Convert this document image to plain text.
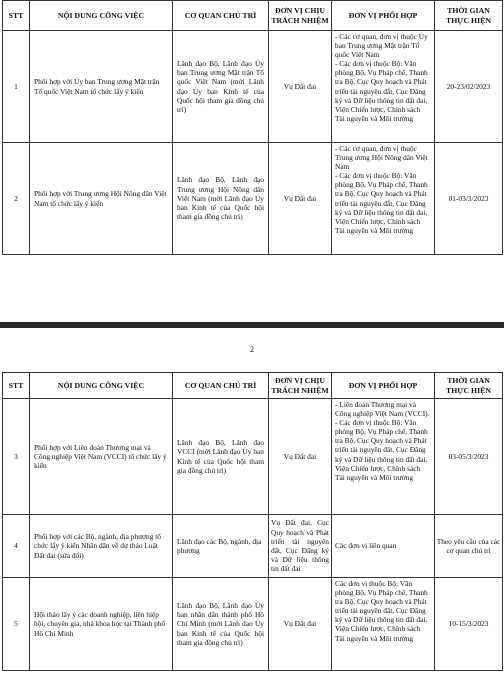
STT	NỘI DUNG CÔNG VIỆC	CƠ QUAN CHỦ TRÌ	ĐƠN VỊ CHỊU
TRÁCH NHIỆM	ĐƠN VỊ PHỐI HỢP	THỜI GIAN
THỰC HIỆN
1	Phối hợp với Ủy ban Trung ương Mặt trận Tổ quốc Việt Nam tổ chức lấy ý kiến	Lãnh đạo Bộ, Lãnh đạo Ủy ban Trung ương Mặt trận Tổ quốc Việt Nam (mời Lãnh đạo Ủy ban Kinh tế của Quốc hội tham gia đồng chủ trì)	Vụ Đất đai	- Các cơ quan, đơn vị thuộc Ủy ban Trung ương Mặt trận Tổ quốc Việt Nam
- Các đơn vị thuộc Bộ: Văn phòng Bộ, Vụ Pháp chế, Thanh tra Bộ, Cục Quy hoạch và Phát triển tài nguyên đất, Cục Đăng ký và Dữ liệu thông tin đất đai, Viện Chiến lược, Chính sách Tài nguyên và Môi trường	20-23/02/2023
2	Phối hợp với Trung ương Hội Nông dân Việt Nam tổ chức lấy ý kiến	Lãnh đạo Bộ, Lãnh đạo Trung ương Hội Nông dân Việt Nam (mời Lãnh đạo Ủy ban Kinh tế của Quốc hội tham gia đồng chủ trì)	Vụ Đất đai	- Các cơ quan, đơn vị thuộc Trung ương Hội Nông dân Việt Nam
- Các đơn vị thuộc Bộ: Văn phòng Bộ, Vụ Pháp chế, Thanh tra Bộ, Cục Quy hoạch và Phát triển tài nguyên đất, Cục Đăng ký và Dữ liệu thông tin đất đai, Viện Chiến lược, Chính sách Tài nguyên và Môi trường	01-03/3/2023
2
STT	NỘI DUNG CÔNG VIỆC	CƠ QUAN CHỦ TRÌ	ĐƠN VỊ CHỊU
TRÁCH NHIỆM	ĐƠN VỊ PHỐI HỢP	THỜI GIAN
THỰC HIỆN
3	Phối hợp với Liên đoàn Thương mại và Công nghiệp Việt Nam (VCCI) tổ chức lấy ý kiến	Lãnh đạo Bộ, Lãnh đạo VCCI (mời Lãnh đạo Ủy ban Kinh tế của Quốc hội tham gia đồng chủ trì)	Vụ Đất đai	- Liên đoàn Thương mại và Công nghiệp Việt Nam (VCCI).
- Các đơn vị thuộc Bộ: Văn phòng Bộ, Vụ Pháp chế, Thanh tra Bộ, Cục Quy hoạch và Phát triển tài nguyên đất, Cục Đăng ký và Dữ liệu thông tin đất đai, Viện Chiến lược, Chính sách Tài nguyên và Môi trường	03-05/3/2023
4	Phối hợp với các Bộ, ngành, địa phương tổ chức lấy ý kiến Nhân dân về dự thảo Luật Đất đai (sửa đổi)	Lãnh đạo các Bộ, ngành, địa phương	Vụ Đất đai, Cục Quy hoạch và Phát triển tài nguyên đất, Cục Đăng ký và Dữ liệu thông tin đất đai	Các đơn vị liên quan	Theo yêu cầu của các cơ quan chủ trì
5	Hội thảo lấy ý các doanh nghiệp, liên hiệp hội, chuyên gia, nhà khoa học tại Thành phố Hồ Chí Minh	Lãnh đạo Bộ, Lãnh đạo Ủy ban nhân dân thành phố Hồ Chí Minh (mời Lãnh đạo Ủy ban Kinh tế của Quốc hội tham gia đồng chủ trì)	Vụ Đất đai	Các đơn vị thuộc Bộ: Văn phòng Bộ, Vụ Pháp chế, Thanh tra Bộ, Cục Quy hoạch và Phát triển tài nguyên đất, Cục Đăng ký và Dữ liệu thông tin đất đai, Viện Chiến lược, Chính sách Tài nguyên và Môi trường	10-15/3/2023
